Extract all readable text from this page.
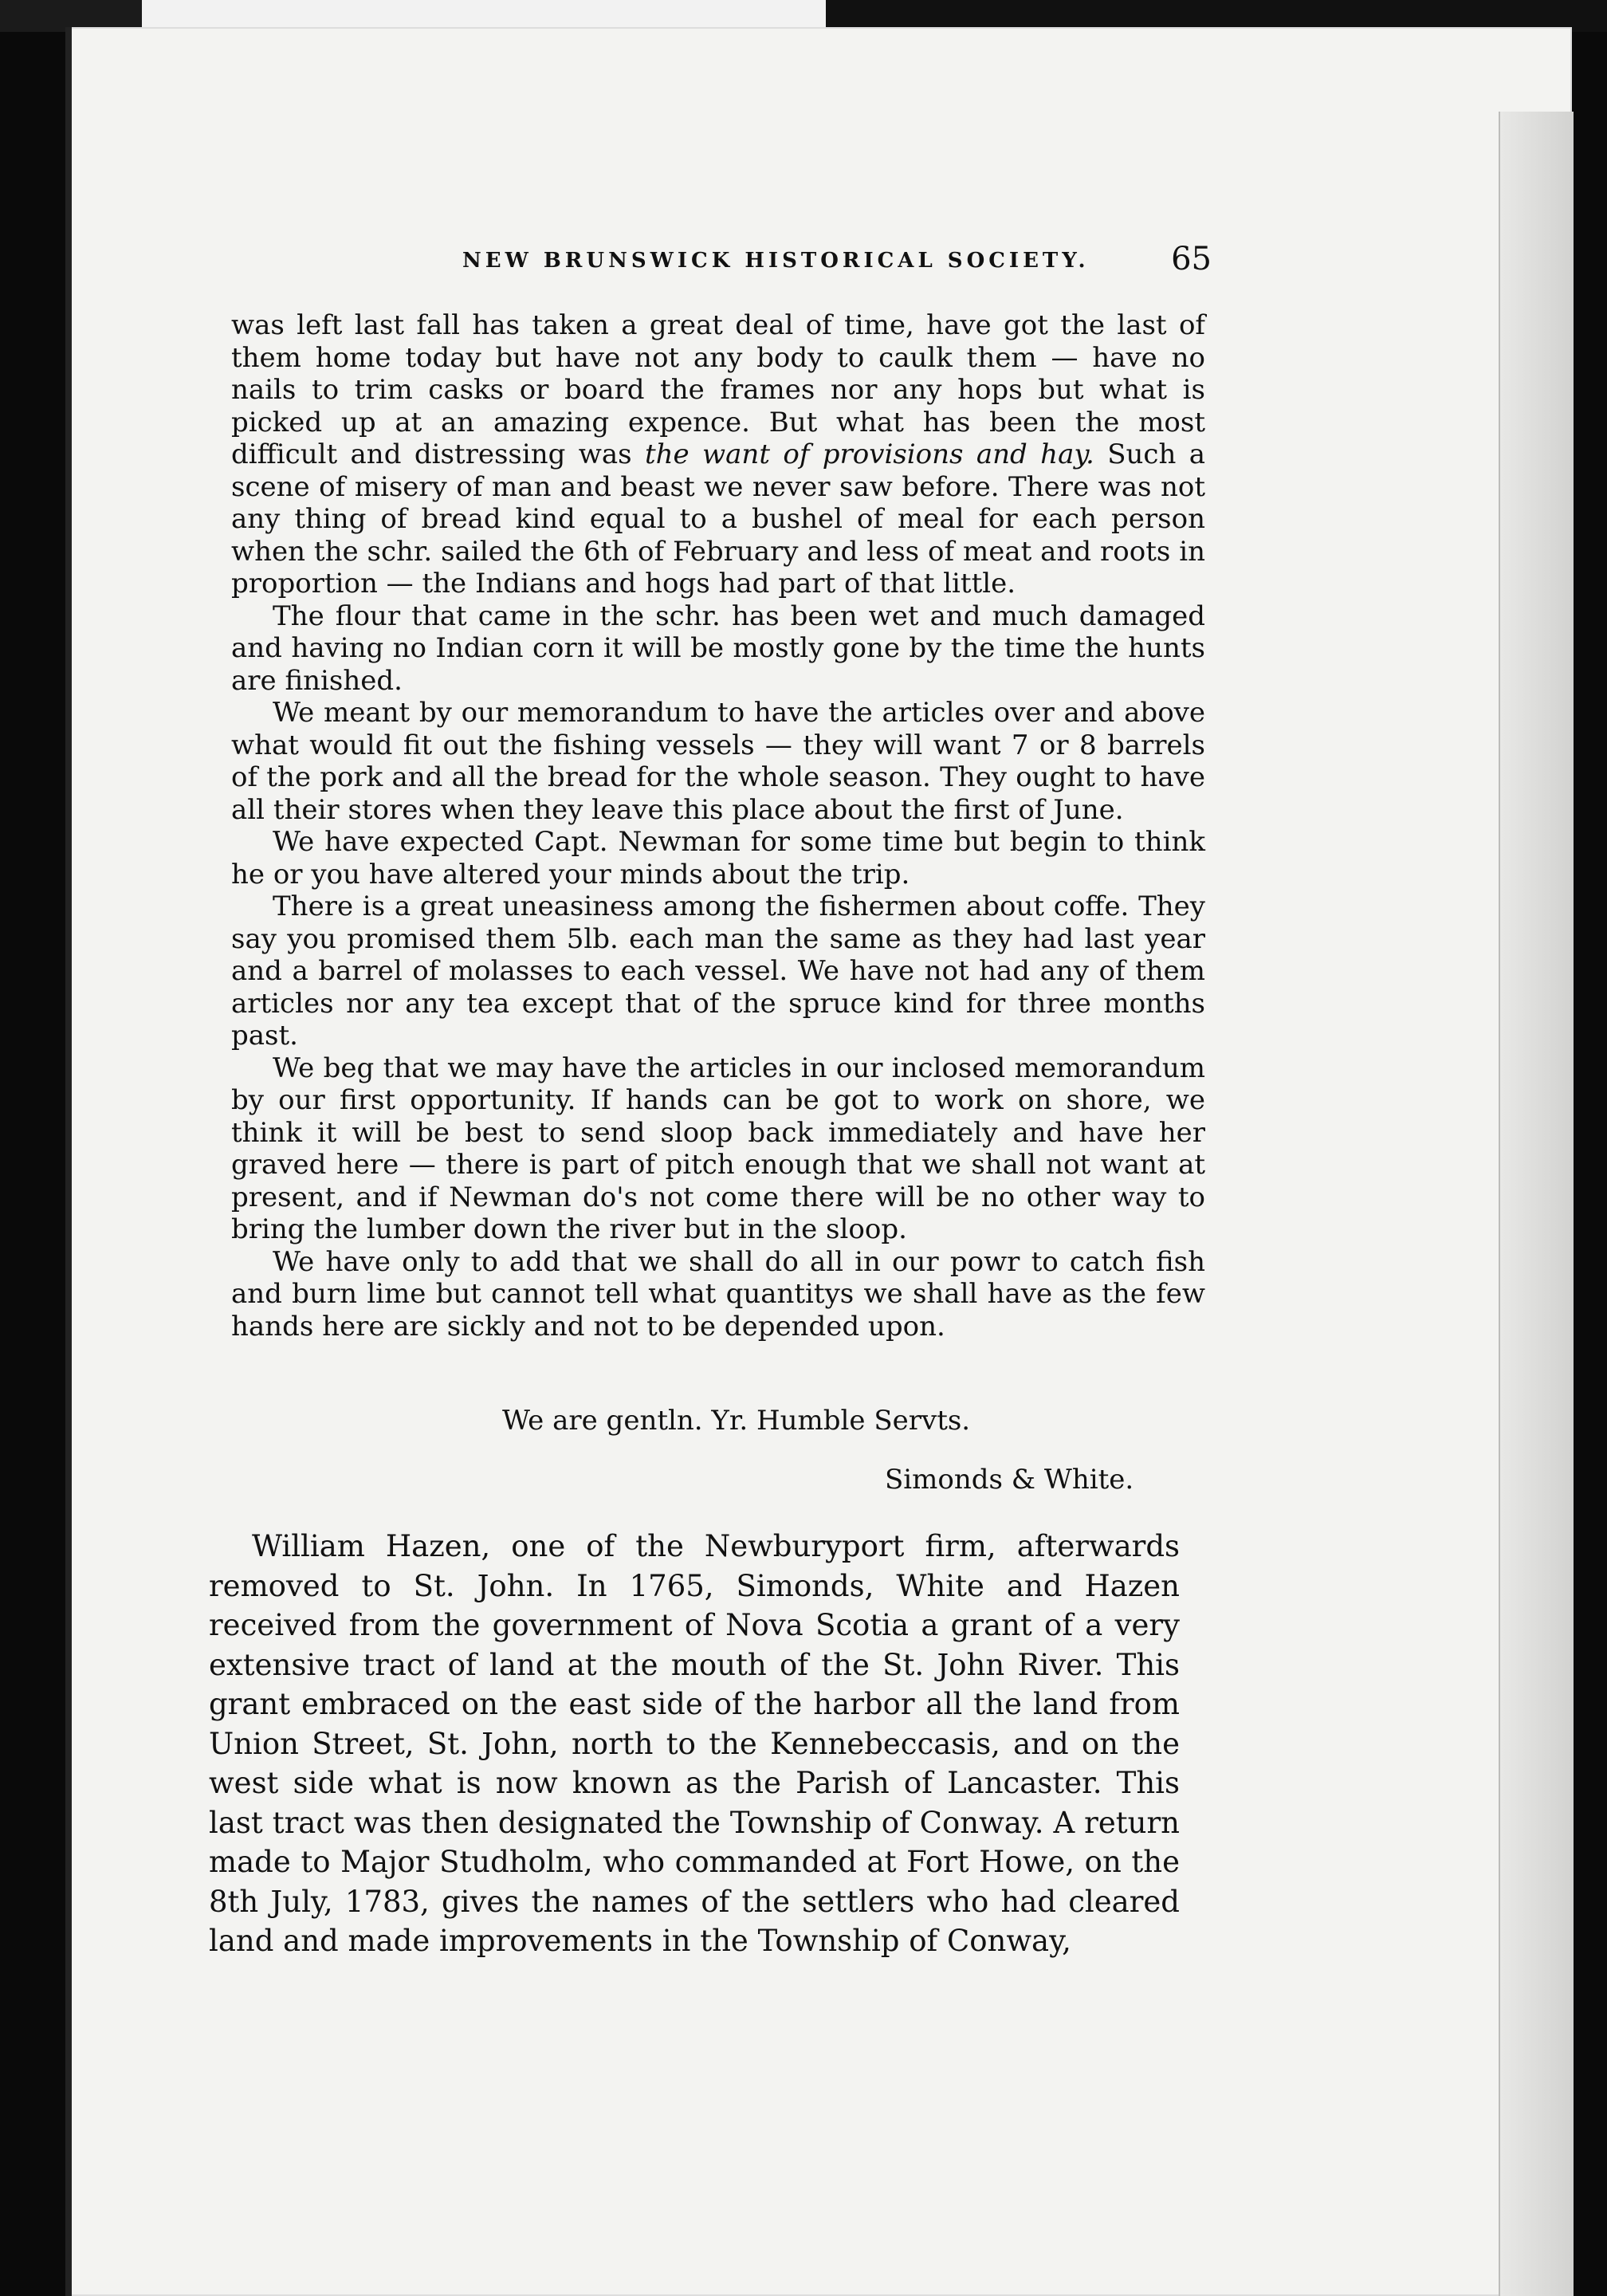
NEW BRUNSWICK HISTORICAL SOCIETY.	65

was left last fall has taken a great deal of time, have got the last of them home today but have not any body to caulk them — have no nails to trim casks or board the frames nor any hops but what is picked up at an amazing expence. But what has been the most difficult and distressing was the want of provisions and hay. Such a scene of misery of man and beast we never saw before. There was not any thing of bread kind equal to a bushel of meal for each person when the schr. sailed the 6th of February and less of meat and roots in proportion — the Indians and hogs had part of that little.

The flour that came in the schr. has been wet and much damaged and having no Indian corn it will be mostly gone by the time the hunts are finished.

We meant by our memorandum to have the articles over and above what would fit out the fishing vessels — they will want 7 or 8 barrels of the pork and all the bread for the whole season. They ought to have all their stores when they leave this place about the first of June.

We have expected Capt. Newman for some time but begin to think he or you have altered your minds about the trip.

There is a great uneasiness among the fishermen about coffe. They say you promised them 5lb. each man the same as they had last year and a barrel of molasses to each vessel. We have not had any of them articles nor any tea except that of the spruce kind for three months past.

We beg that we may have the articles in our inclosed memorandum by our first opportunity. If hands can be got to work on shore, we think it will be best to send sloop back immediately and have her graved here — there is part of pitch enough that we shall not want at present, and if Newman do's not come there will be no other way to bring the lumber down the river but in the sloop.

We have only to add that we shall do all in our powr to catch fish and burn lime but cannot tell what quantitys we shall have as the few hands here are sickly and not to be depended upon.

We are gentln. Yr. Humble Servts.
Simonds & White.

William Hazen, one of the Newburyport firm, afterwards removed to St. John. In 1765, Simonds, White and Hazen received from the government of Nova Scotia a grant of a very extensive tract of land at the mouth of the St. John River. This grant embraced on the east side of the harbor all the land from Union Street, St. John, north to the Kennebeccasis, and on the west side what is now known as the Parish of Lancaster. This last tract was then designated the Township of Conway. A return made to Major Studholm, who commanded at Fort Howe, on the 8th July, 1783, gives the names of the settlers who had cleared land and made improvements in the Township of Conway,
